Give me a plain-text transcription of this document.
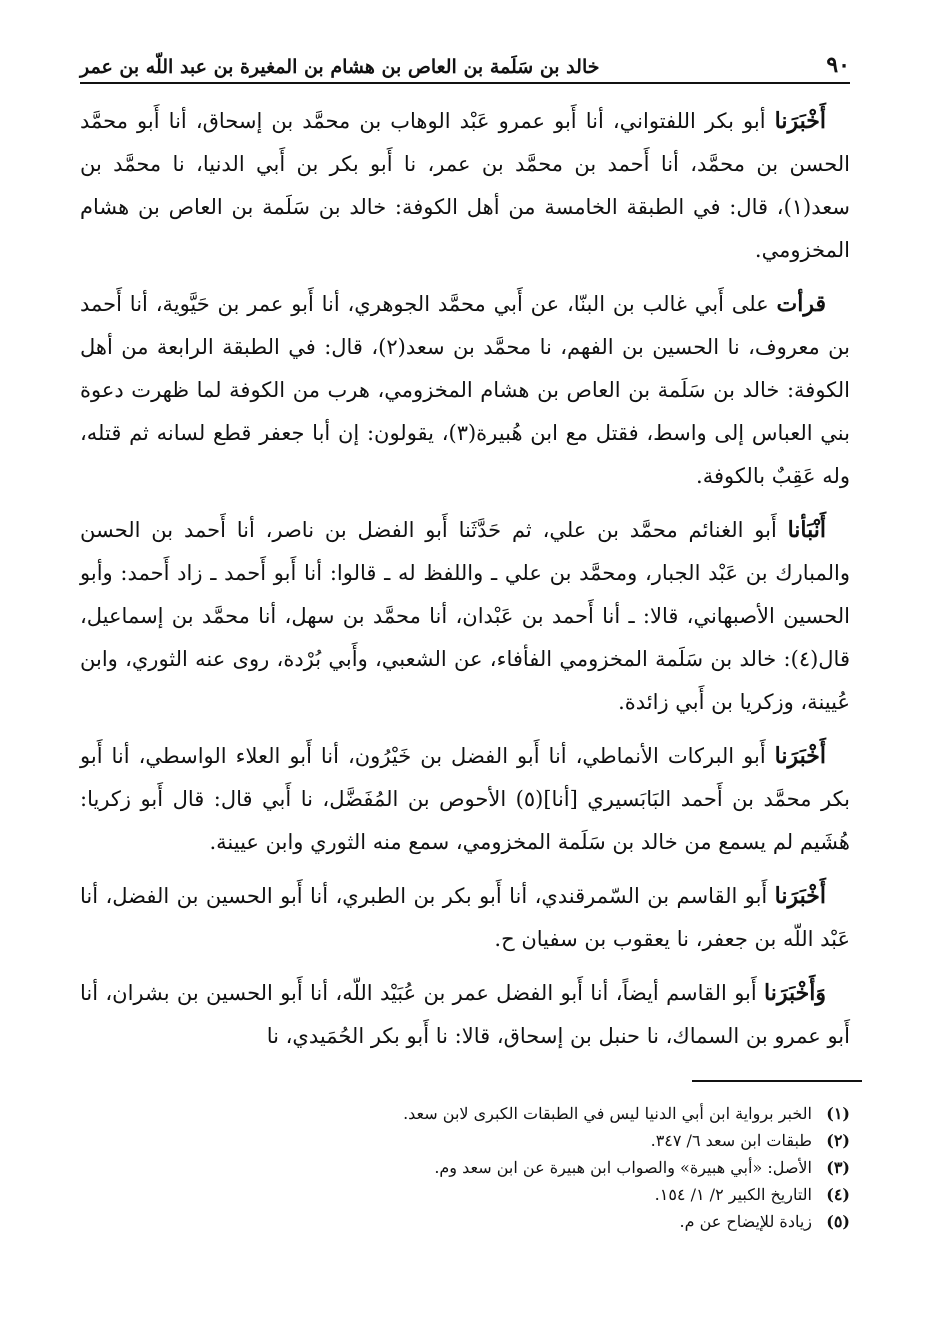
٩٠
خالد بن سَلَمة بن العاص بن هشام بن المغيرة بن عبد اللّه بن عمر

أَخْبَرَنا أبو بكر اللفتواني، أنا أَبو عمرو عَبْد الوهاب بن محمَّد بن إسحاق، أنا أَبو محمَّد الحسن بن محمَّد، أنا أَحمد بن محمَّد بن عمر، نا أَبو بكر بن أَبي الدنيا، نا محمَّد بن سعد(١)، قال: في الطبقة الخامسة من أهل الكوفة: خالد بن سَلَمة بن العاص بن هشام المخزومي.

قرأت على أَبي غالب بن البنّا، عن أَبي محمَّد الجوهري، أنا أَبو عمر بن حَيَّوية، أنا أَحمد بن معروف، نا الحسين بن الفهم، نا محمَّد بن سعد(٢)، قال: في الطبقة الرابعة من أهل الكوفة: خالد بن سَلَمة بن العاص بن هشام المخزومي، هرب من الكوفة لما ظهرت دعوة بني العباس إلى واسط، فقتل مع ابن هُبيرة(٣)، يقولون: إن أبا جعفر قطع لسانه ثم قتله، وله عَقِبٌ بالكوفة.

أَنْبَأنا أَبو الغنائم محمَّد بن علي، ثم حَدَّثَنا أَبو الفضل بن ناصر، أنا أَحمد بن الحسن والمبارك بن عَبْد الجبار، ومحمَّد بن علي ـ واللفظ له ـ قالوا: أنا أَبو أَحمد ـ زاد أَحمد: وأبو الحسين الأصبهاني، قالا: ـ أنا أَحمد بن عَبْدان، أنا محمَّد بن سهل، أنا محمَّد بن إسماعيل، قال(٤): خالد بن سَلَمة المخزومي الفأفاء، عن الشعبي، وأَبي بُرْدة، روى عنه الثوري، وابن عُيينة، وزكريا بن أَبي زائدة.

أَخْبَرَنا أَبو البركات الأنماطي، أنا أَبو الفضل بن خَيْرُون، أنا أَبو العلاء الواسطي، أنا أَبو بكر محمَّد بن أَحمد البَابَسيري [أنا](٥) الأحوص بن المُفَضَّل، نا أَبي قال: قال أَبو زكريا: هُشَيم لم يسمع من خالد بن سَلَمة المخزومي، سمع منه الثوري وابن عيينة.

أَخْبَرَنا أَبو القاسم بن السّمرقندي، أنا أَبو بكر بن الطبري، أنا أَبو الحسين بن الفضل، أنا عَبْد اللّه بن جعفر، نا يعقوب بن سفيان ح.

وَأَخْبَرَنا أَبو القاسم أيضاً، أنا أَبو الفضل عمر بن عُبَيْد اللّه، أنا أَبو الحسين بن بشران، أنا أَبو عمرو بن السماك، نا حنبل بن إسحاق، قالا: نا أَبو بكر الحُمَيدي، نا

(١)
الخبر برواية ابن أبي الدنيا ليس في الطبقات الكبرى لابن سعد.
(٢)
طبقات ابن سعد ٦/ ٣٤٧.
(٣)
الأصل: «أبي هبيرة» والصواب ابن هبيرة عن ابن سعد وم.
(٤)
التاريخ الكبير ٢/ ١/ ١٥٤.
(٥)
زيادة للإيضاح عن م.
